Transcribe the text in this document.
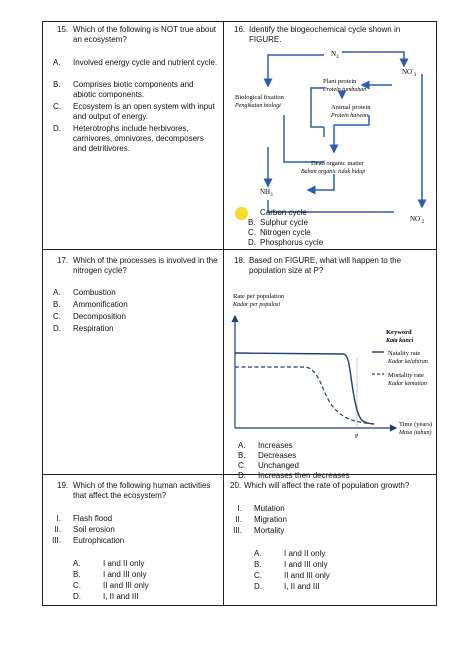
15. Which of the following is NOT true about an ecosystem?
A. Involved energy cycle and nutrient cycle.
B. Comprises biotic components and abiotic components.
C. Ecosystem is an open system with input and output of energy.
D. Heterotrophs include herbivores, carnivores, omnivores, decomposers and detritivores.
16. Identify the biogeochemical cycle shown in FIGURE.
$N_2$
$NO^-_3$
Plant protein
Protein tumbuhan
Biological fixation
Pengikatan biologi	Animal protein
Protein haiwan
Dead organic matter
Bahan organic tidak hidup
$NH_3$
$NO^-_2$
Carbon cycle
B. Sulphur cycle
C. Nitrogen cycle
D. Phosphorus cycle
17. Which of the processes is involved in the nitrogen cycle?
A. Combustion
B. Ammonification
C. Decomposition
D. Respiration
18. Based on FIGURE, what will happen to the population size at P?
Rate per population
Kadar per populasi
P
Time (years)
Masa (tahun)
Keyword
Kata kunci
Natality rate
Kadar kelahiran
Mortality rate
Kadar kematian
A. Increases
B. Decreases
C. Unchanged
D. Increases then decreases
19. Which of the following human activities that affect the ecosystem?
I. Flash flood
II. Soil erosion
III. Eutrophication
A.	I and II only
B.	I and III only
C.	II and III only
D.	I, II and III
20. Which will affect the rate of population growth?
I. Mutation
II. Migration
III. Mortality
A.	I and II only
B.	I and III only
C.	II and III only
D.	I, II and III
